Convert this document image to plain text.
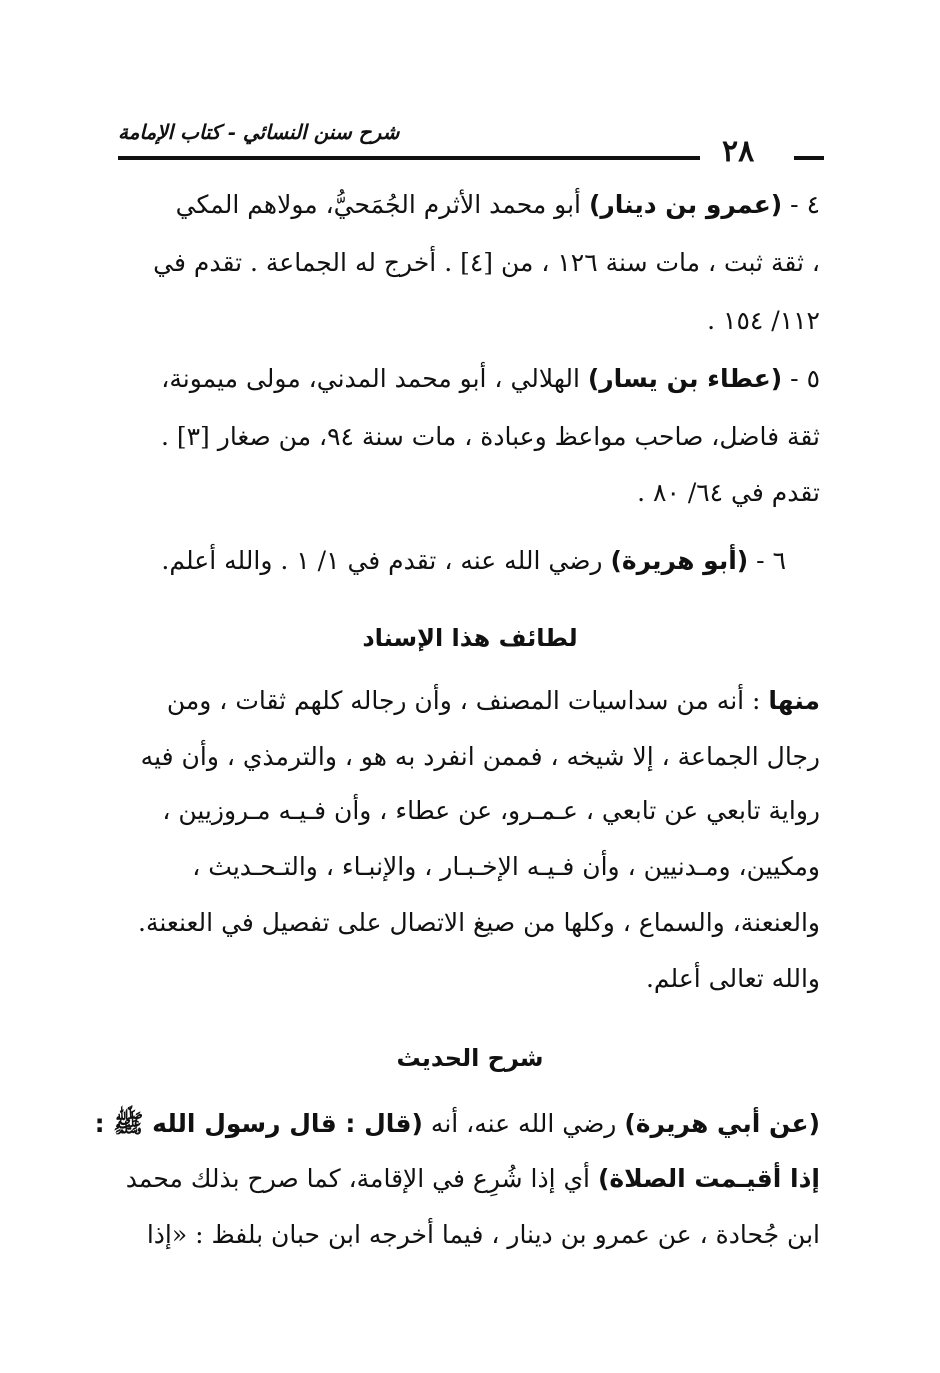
شرح سنن النسائي - كتاب الإمامة
٢٨
٤ - (عمرو بن دينار) أبو محمد الأثرم الجُمَحيُّ، مولاهم المكي
، ثقة ثبت ، مات سنة ١٢٦ ، من [٤] . أخرج له الجماعة . تقدم في
١١٢/ ١٥٤ .
٥ - (عطاء بن يسار) الهلالي ، أبو محمد المدني، مولى ميمونة،
ثقة فاضل، صاحب مواعظ وعبادة ، مات سنة ٩٤، من صغار [٣] .
تقدم في ٦٤/ ٨٠ .
٦ - (أبو هريرة) رضي الله عنه ، تقدم في ١/ ١ . والله أعلم.
لطائف هذا الإسناد
منها : أنه من سداسيات المصنف ، وأن رجاله كلهم ثقات ، ومن
رجال الجماعة ، إلا شيخه ، فممن انفرد به هو ، والترمذي ، وأن فيه
رواية تابعي عن تابعي ، عـمـرو، عن عطاء ، وأن فـيـه مـروزيين ،
ومكيين، ومـدنيين ، وأن فـيـه الإخـبـار ، والإنبـاء ، والتـحـديث ،
والعنعنة، والسماع ، وكلها من صيغ الاتصال على تفصيل في العنعنة.
والله تعالى أعلم.
شرح الحديث
(عن أبي هريرة) رضي الله عنه، أنه (قال : قال رسول الله ﷺ :
إذا أقيـمت الصلاة) أي إذا شُرِع في الإقامة، كما صرح بذلك محمد
ابن جُحادة ، عن عمرو بن دينار ، فيما أخرجه ابن حبان بلفظ : «إذا
